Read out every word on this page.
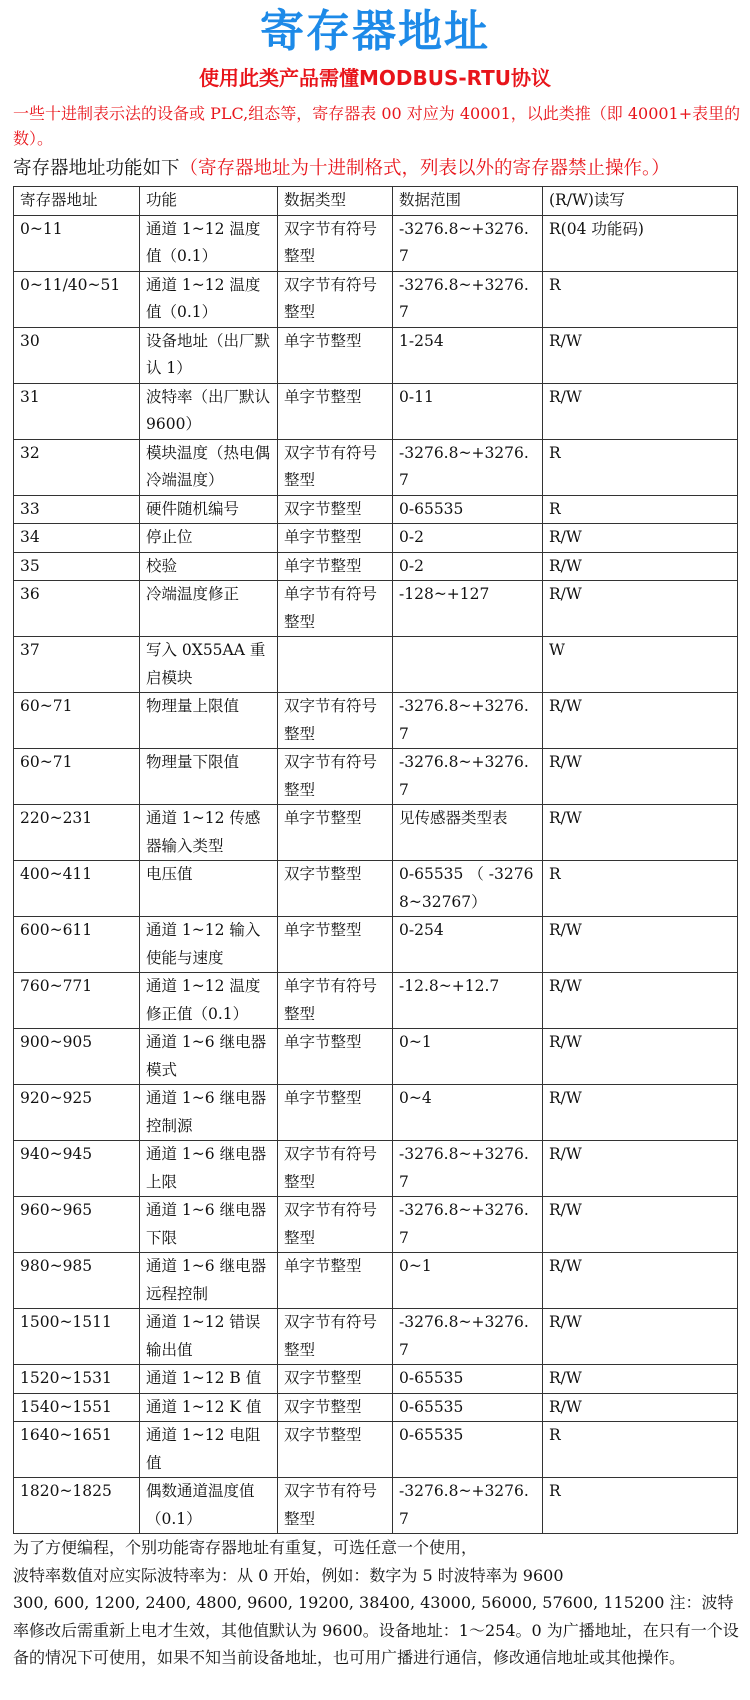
寄存器地址
使用此类产品需懂MODBUS-RTU协议
一些十进制表示法的设备或 PLC,组态等，寄存器表 00 对应为 40001，以此类推（即 40001+表里的数）。
寄存器地址功能如下（寄存器地址为十进制格式，列表以外的寄存器禁止操作。）
寄存器地址	功能	数据类型	数据范围	(R/W)读写
0~11	通道 1~12 温度值（0.1）	双字节有符号整型	-3276.8~+3276.7	R(04 功能码)
0~11/40~51	通道 1~12 温度值（0.1）	双字节有符号整型	-3276.8~+3276.7	R
30	设备地址（出厂默认 1）	单字节整型	1-254	R/W
31	波特率（出厂默认 9600）	单字节整型	0-11	R/W
32	模块温度（热电偶冷端温度）	双字节有符号整型	-3276.8~+3276.7	R
33	硬件随机编号	双字节整型	0-65535	R
34	停止位	单字节整型	0-2	R/W
35	校验	单字节整型	0-2	R/W
36	冷端温度修正	单字节有符号整型	-128~+127	R/W
37	写入 0X55AA 重启模块			W
60~71	物理量上限值	双字节有符号整型	-3276.8~+3276.7	R/W
60~71	物理量下限值	双字节有符号整型	-3276.8~+3276.7	R/W
220~231	通道 1~12 传感器输入类型	单字节整型	见传感器类型表	R/W
400~411	电压值	双字节整型	0-65535 （ -32768~32767）	R
600~611	通道 1~12 输入使能与速度	单字节整型	0-254	R/W
760~771	通道 1~12 温度修正值（0.1）	单字节有符号整型	-12.8~+12.7	R/W
900~905	通道 1~6 继电器模式	单字节整型	0~1	R/W
920~925	通道 1~6 继电器控制源	单字节整型	0~4	R/W
940~945	通道 1~6 继电器上限	双字节有符号整型	-3276.8~+3276.7	R/W
960~965	通道 1~6 继电器下限	双字节有符号整型	-3276.8~+3276.7	R/W
980~985	通道 1~6 继电器远程控制	单字节整型	0~1	R/W
1500~1511	通道 1~12 错误输出值	双字节有符号整型	-3276.8~+3276.7	R/W
1520~1531	通道 1~12 B 值	双字节整型	0-65535	R/W
1540~1551	通道 1~12 K 值	双字节整型	0-65535	R/W
1640~1651	通道 1~12 电阻值	双字节整型	0-65535	R
1820~1825	偶数通道温度值（0.1）	双字节有符号整型	-3276.8~+3276.7	R
为了方便编程，个别功能寄存器地址有重复，可选任意一个使用，
波特率数值对应实际波特率为：从 0 开始，例如：数字为 5 时波特率为 9600
300, 600, 1200, 2400, 4800, 9600, 19200, 38400, 43000, 56000, 57600, 115200 注：波特率修改后需重新上电才生效，其他值默认为 9600。设备地址：1～254。0 为广播地址，在只有一个设备的情况下可使用，如果不知当前设备地址，也可用广播进行通信，修改通信地址或其他操作。
